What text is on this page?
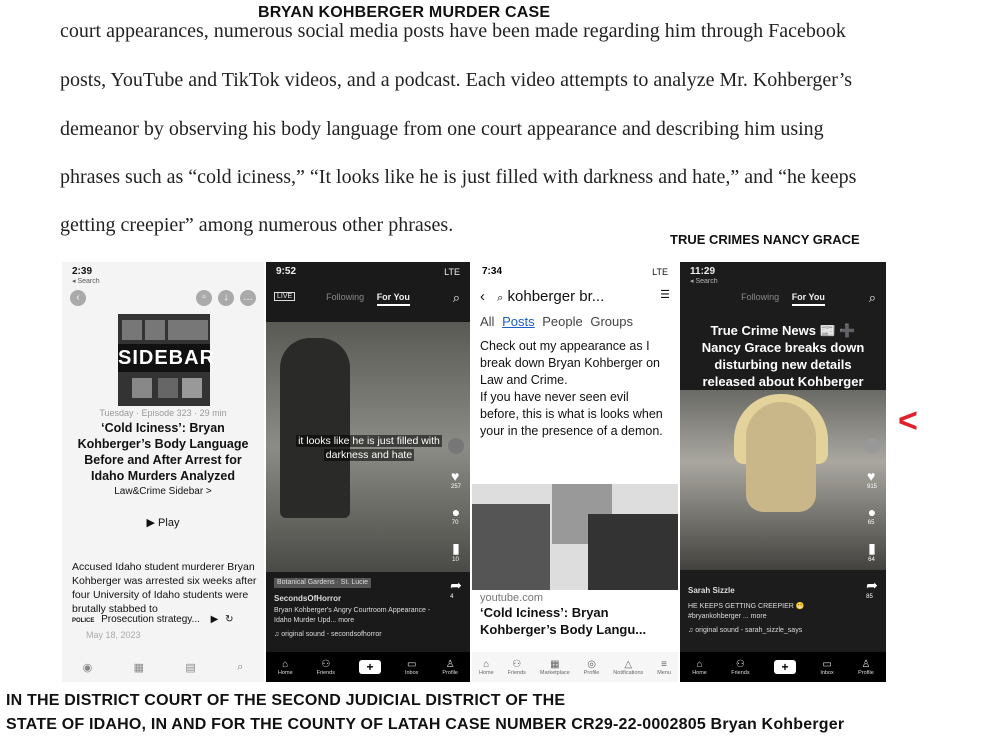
BRYAN KOHBERGER MURDER CASE
court appearances, numerous social media posts have been made regarding him through Facebook
posts, YouTube and TikTok videos, and a podcast. Each video attempts to analyze Mr. Kohberger’s
demeanor by observing his body language from one court appearance and describing him using
phrases such as “cold iciness,” “It looks like he is just filled with darkness and hate,” and “he keeps
getting creepier” among numerous other phrases.
TRUE CRIMES NANCY GRACE
2:39
◂ Search
‹	▫	↓	…
SIDEBAR
Tuesday · Episode 323 · 29 min
‘Cold Iciness’: Bryan Kohberger’s Body Language Before and After Arrest for Idaho Murders Analyzed
Law&Crime Sidebar >
▶ Play
Accused Idaho student murderer Bryan Kohberger was arrested six weeks after four University of Idaho students were brutally stabbed to
POLICE Prosecution strategy... ▶ ↻
May 18, 2023
◉	▦	▤	⌕
9:52	LTE
LIVE	Following For You	⌕
it looks like he is just filled with
darkness and hate
♥
257
●
70
▮
10
➦
4
Botanical Gardens · St. Lucie
SecondsOfHorror
Bryan Kohberger's Angry Courtroom Appearance - Idaho Murder Upd... more
♫ original sound - secondsofhorror
⌂
Home
⚇
Friends	+	▭
Inbox
♙
Profile
7:34	LTE
‹ ⌕ kohberger br...	☰
All Posts People Groups
Check out my appearance as I break down Bryan Kohberger on Law and Crime.
If you have never seen evil before, this is what is looks when your in the presence of a demon.
youtube.com
‘Cold Iciness’: Bryan Kohberger’s Body Langu...
⌂
Home
⚇
Friends
▦
Marketplace
◎
Profile
△
Notifications
≡
Menu
11:29
◂ Search
Following For You	⌕
True Crime News 📰 ➕ Nancy Grace breaks down disturbing new details released about Kohberger
♥
915
●
65
▮
64
➦
85
Sarah Sizzle
HE KEEPS GETTING CREEPIER 😬 #bryankohberger ... more
♫ original sound - sarah_sizzle_says
⌂
Home
⚇
Friends	+	▭
Inbox
♙
Profile
<
IN THE DISTRICT COURT OF THE SECOND JUDICIAL DISTRICT OF THE
STATE OF IDAHO, IN AND FOR THE COUNTY OF LATAH CASE NUMBER CR29-22-0002805 Bryan Kohberger
